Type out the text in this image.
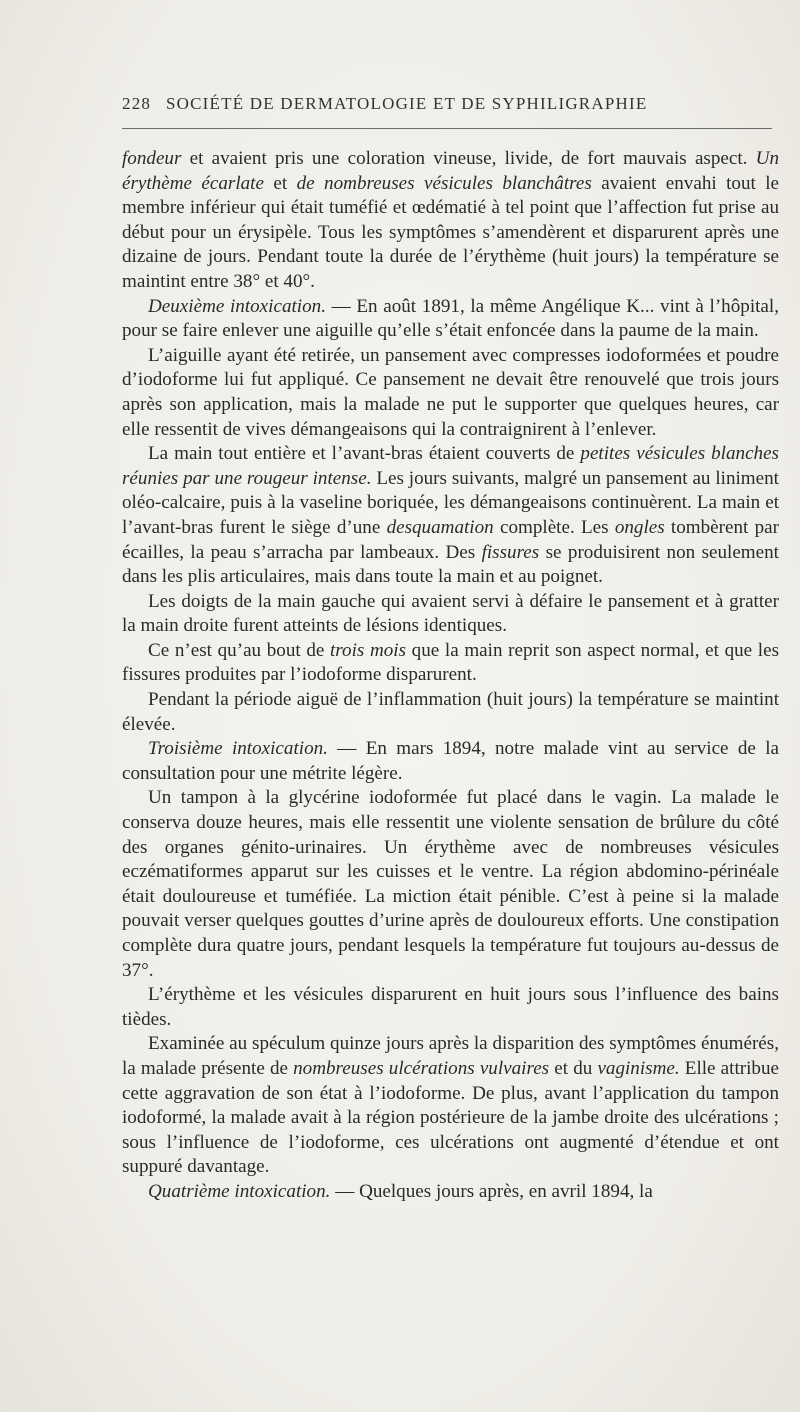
228 SOCIÉTÉ DE DERMATOLOGIE ET DE SYPHILIGRAPHIE

fondeur et avaient pris une coloration vineuse, livide, de fort mauvais aspect. Un érythème écarlate et de nombreuses vésicules blanchâtres avaient envahi tout le membre inférieur qui était tuméfié et œdématié à tel point que l’affection fut prise au début pour un érysipèle. Tous les symptômes s’amendèrent et disparurent après une dizaine de jours. Pendant toute la durée de l’érythème (huit jours) la température se maintint entre 38° et 40°.

Deuxième intoxication. — En août 1891, la même Angélique K... vint à l’hôpital, pour se faire enlever une aiguille qu’elle s’était enfoncée dans la paume de la main.

L’aiguille ayant été retirée, un pansement avec compresses iodoformées et poudre d’iodoforme lui fut appliqué. Ce pansement ne devait être renouvelé que trois jours après son application, mais la malade ne put le supporter que quelques heures, car elle ressentit de vives démangeaisons qui la contraignirent à l’enlever.

La main tout entière et l’avant-bras étaient couverts de petites vésicules blanches réunies par une rougeur intense. Les jours suivants, malgré un pansement au liniment oléo-calcaire, puis à la vaseline boriquée, les démangeaisons continuèrent. La main et l’avant-bras furent le siège d’une desquamation complète. Les ongles tombèrent par écailles, la peau s’arracha par lambeaux. Des fissures se produisirent non seulement dans les plis articulaires, mais dans toute la main et au poignet.

Les doigts de la main gauche qui avaient servi à défaire le pansement et à gratter la main droite furent atteints de lésions identiques.

Ce n’est qu’au bout de trois mois que la main reprit son aspect normal, et que les fissures produites par l’iodoforme disparurent.

Pendant la période aiguë de l’inflammation (huit jours) la température se maintint élevée.

Troisième intoxication. — En mars 1894, notre malade vint au service de la consultation pour une métrite légère.

Un tampon à la glycérine iodoformée fut placé dans le vagin. La malade le conserva douze heures, mais elle ressentit une violente sensation de brûlure du côté des organes génito-urinaires. Un érythème avec de nombreuses vésicules eczématiformes apparut sur les cuisses et le ventre. La région abdomino-périnéale était douloureuse et tuméfiée. La miction était pénible. C’est à peine si la malade pouvait verser quelques gouttes d’urine après de douloureux efforts. Une constipation complète dura quatre jours, pendant lesquels la température fut toujours au-dessus de 37°.

L’érythème et les vésicules disparurent en huit jours sous l’influence des bains tièdes.

Examinée au spéculum quinze jours après la disparition des symptômes énumérés, la malade présente de nombreuses ulcérations vulvaires et du vaginisme. Elle attribue cette aggravation de son état à l’iodoforme. De plus, avant l’application du tampon iodoformé, la malade avait à la région postérieure de la jambe droite des ulcérations ; sous l’influence de l’iodoforme, ces ulcérations ont augmenté d’étendue et ont suppuré davantage.

Quatrième intoxication. — Quelques jours après, en avril 1894, la
